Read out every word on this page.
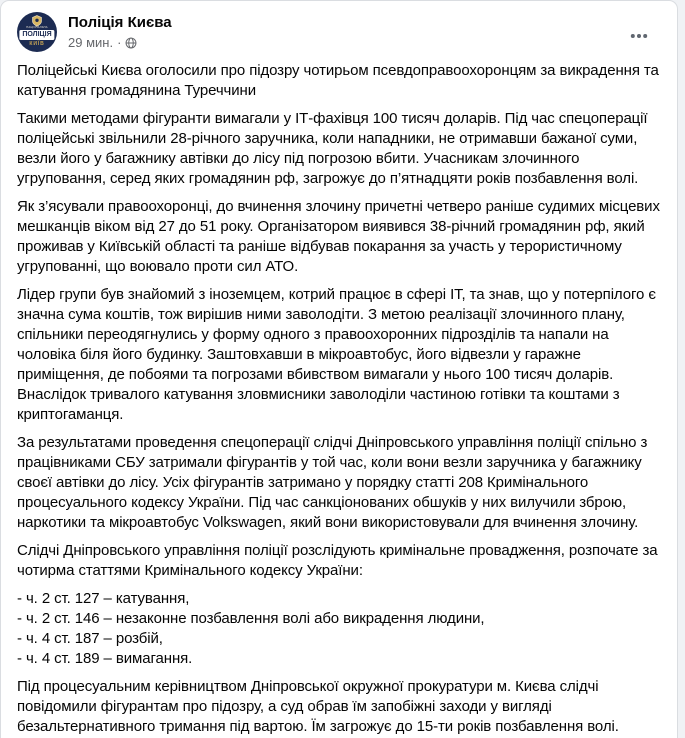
НАЦІОНАЛЬНА
ПОЛІЦІЯ
КИЇВ
Поліція Києва
29 мин. ·

Поліцейські Києва оголосили про підозру чотирьом псевдоправоохоронцям за викрадення та катування громадянина Туреччини

Такими методами фігуранти вимагали у ІТ-фахівця 100 тисяч доларів. Під час спецоперації поліцейські звільнили 28-річного заручника, коли нападники, не отримавши бажаної суми, везли його у багажнику автівки до лісу під погрозою вбити. Учасникам злочинного угруповання, серед яких громадянин рф, загрожує до п’ятнадцяти років позбавлення волі.

Як з’ясували правоохоронці, до вчинення злочину причетні четверо раніше судимих місцевих мешканців віком від 27 до 51 року. Організатором виявився 38-річний громадянин рф, який проживав у Київській області та раніше відбував покарання за участь у терористичному угрупованні, що воювало проти сил АТО.

Лідер групи був знайомий з іноземцем, котрий працює в сфері ІТ, та знав, що у потерпілого є значна сума коштів, тож вирішив ними заволодіти. З метою реалізації злочинного плану, спільники переодягнулись у форму одного з правоохоронних підрозділів та напали на чоловіка біля його будинку. Заштовхавши в мікроавтобус, його відвезли у гаражне приміщення, де побоями та погрозами вбивством вимагали у нього 100 тисяч доларів. Внаслідок тривалого катування зловмисники заволоділи частиною готівки та коштами з криптогаманця.

За результатами проведення спецоперації слідчі Дніпровського управління поліції спільно з працівниками СБУ затримали фігурантів у той час, коли вони везли заручника у багажнику своєї автівки до лісу. Усіх фігурантів затримано у порядку статті 208 Кримінального процесуального кодексу України. Під час санкціонованих обшуків у них вилучили зброю, наркотики та мікроавтобус Volkswagen, який вони використовували для вчинення злочину.

Слідчі Дніпровського управління поліції розслідують кримінальне провадження, розпочате за чотирма статтями Кримінального кодексу України:

- ч. 2 ст. 127 – катування,
- ч. 2 ст. 146 – незаконне позбавлення волі або викрадення людини,
- ч. 4 ст. 187 – розбій,
- ч. 4 ст. 189 – вимагання.

Під процесуальним керівництвом Дніпровської окружної прокуратури м. Києва слідчі повідомили фігурантам про підозру, а суд обрав їм запобіжні заходи у вигляді безальтернативного тримання під вартою. Їм загрожує до 15-ти років позбавлення волі.
